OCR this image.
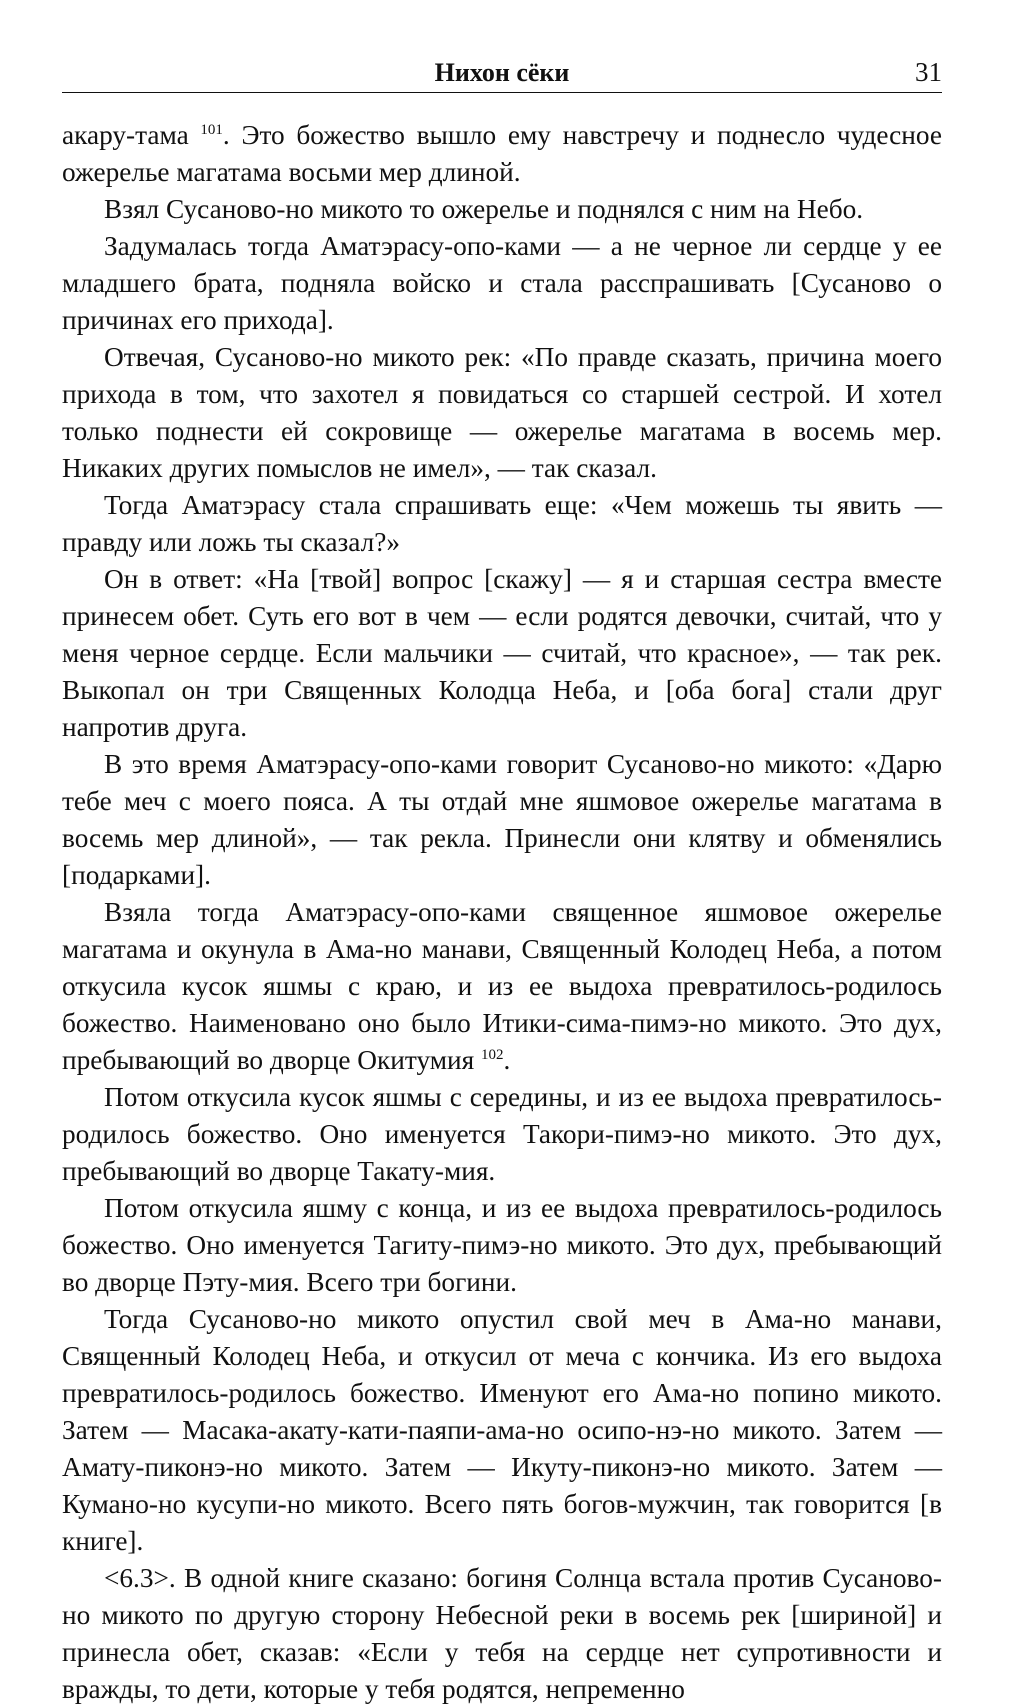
Нихон сёки	31

акару-тама $^{101}$. Это божество вышло ему навстречу и поднесло чудесное ожерелье магатама восьми мер длиной.

Взял Сусаново-но микото то ожерелье и поднялся с ним на Небо.

Задумалась тогда Аматэрасу-опо-ками — а не черное ли сердце у ее младшего брата, подняла войско и стала расспрашивать [Сусаново о причинах его прихода].

Отвечая, Сусаново-но микото рек: «По правде сказать, причина моего прихода в том, что захотел я повидаться со старшей сестрой. И хотел только поднести ей сокровище — ожерелье магатама в восемь мер. Никаких других помыслов не имел», — так сказал.

Тогда Аматэрасу стала спрашивать еще: «Чем можешь ты явить — правду или ложь ты сказал?»

Он в ответ: «На [твой] вопрос [скажу] — я и старшая сестра вместе принесем обет. Суть его вот в чем — если родятся девочки, считай, что у меня черное сердце. Если мальчики — считай, что красное», — так рек. Выкопал он три Священных Колодца Неба, и [оба бога] стали друг напротив друга.

В это время Аматэрасу-опо-ками говорит Сусаново-но микото: «Дарю тебе меч с моего пояса. А ты отдай мне яшмовое ожерелье магатама в восемь мер длиной», — так рекла. Принесли они клятву и обменялись [подарками].

Взяла тогда Аматэрасу-опо-ками священное яшмовое ожерелье магатама и окунула в Ама-но манави, Священный Колодец Неба, а потом откусила кусок яшмы с краю, и из ее выдоха превратилось-родилось божество. Наименовано оно было Итики-сима-пимэ-но микото. Это дух, пребывающий во дворце Окитумия $^{102}$.

Потом откусила кусок яшмы с середины, и из ее выдоха превратилось-родилось божество. Оно именуется Такори-пимэ-но микото. Это дух, пребывающий во дворце Такату-мия.

Потом откусила яшму с конца, и из ее выдоха превратилось-родилось божество. Оно именуется Тагиту-пимэ-но микото. Это дух, пребывающий во дворце Пэту-мия. Всего три богини.

Тогда Сусаново-но микото опустил свой меч в Ама-но манави, Священный Колодец Неба, и откусил от меча с кончика. Из его выдоха превратилось-родилось божество. Именуют его Ама-но попино микото. Затем — Масака-акату-кати-паяпи-ама-но осипо-нэ-но микото. Затем — Амату-пиконэ-но микото. Затем — Икуту-пиконэ-но микото. Затем — Кумано-но кусупи-но микото. Всего пять богов-мужчин, так говорится [в книге].

<6.3>. В одной книге сказано: богиня Солнца встала против Сусаново-но микото по другую сторону Небесной реки в восемь рек [шириной] и принесла обет, сказав: «Если у тебя на сердце нет супротивности и вражды, то дети, которые у тебя родятся, непременно
